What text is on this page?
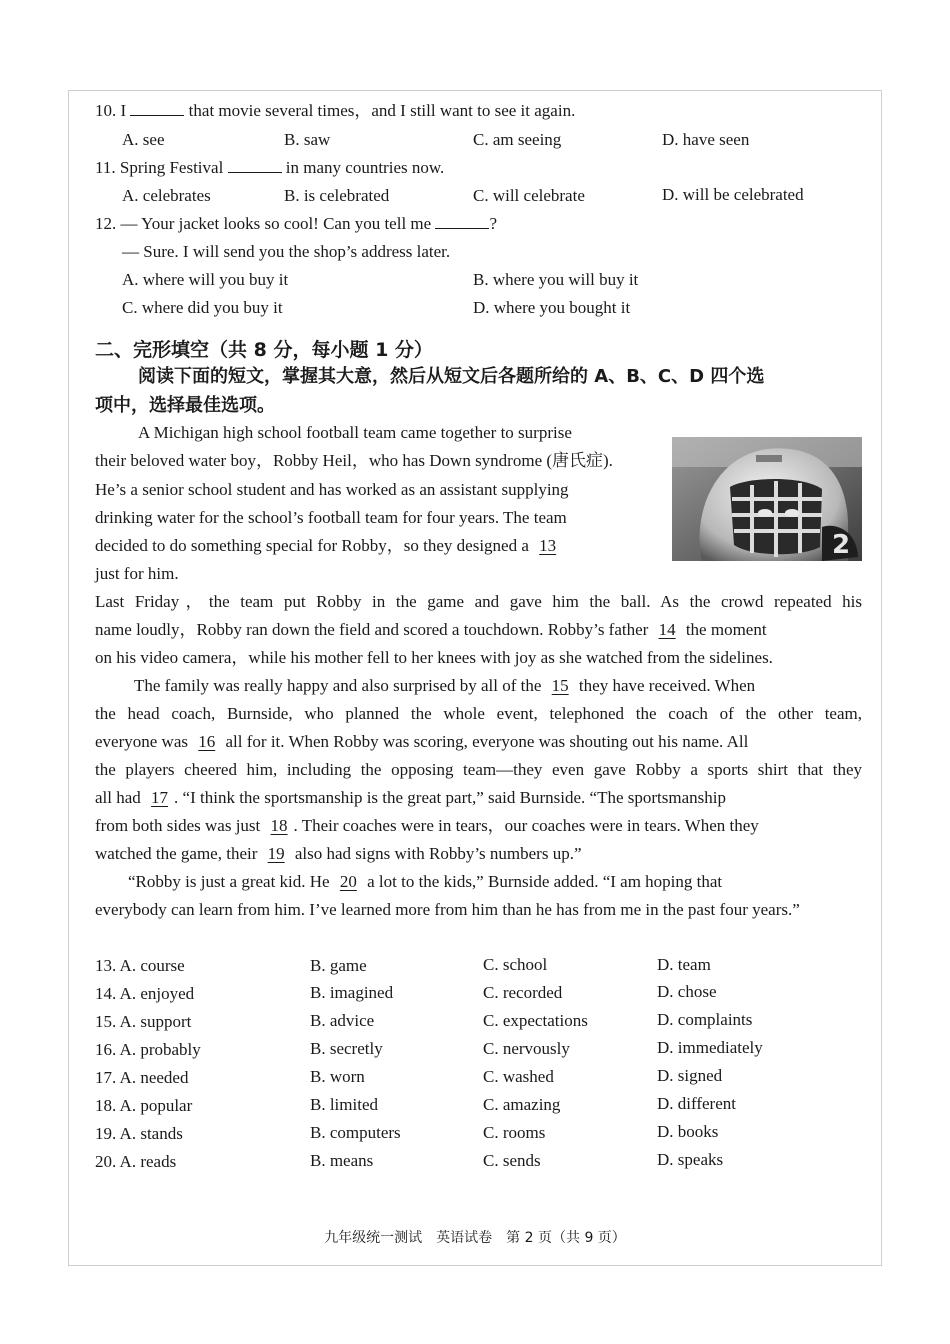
10. I	that movie several times，and I still want to see it again.
A. see	B. saw	C. am seeing	D. have seen
11. Spring Festival	in many countries now.
A. celebrates	B. is celebrated	C. will celebrate	D. will be celebrated
12. — Your jacket looks so cool! Can you tell me	?
— Sure. I will send you the shop’s address later.
A. where will you buy it	B. where you will buy it
C. where did you buy it	D. where you bought it
二、完形填空（共 8 分，每小题 1 分）
阅读下面的短文，掌握其大意，然后从短文后各题所给的 A、B、C、D 四个选
项中，选择最佳选项。
2
A Michigan high school football team came together to surprise
their beloved water boy，Robby Heil，who has Down syndrome (唐氏症).
He’s a senior school student and has worked as an assistant supplying
drinking water for the school’s football team for four years. The team
decided to do something special for Robby，so they designed a 13
just for him.
Last Friday，the team put Robby in the game and gave him the ball. As the crowd repeated his
name loudly，Robby ran down the field and scored a touchdown. Robby’s father 14 the moment
on his video camera，while his mother fell to her knees with joy as she watched from the sidelines.
The family was really happy and also surprised by all of the 15 they have received. When
the head coach, Burnside, who planned the whole event, telephoned the coach of the other team,
everyone was 16 all for it. When Robby was scoring, everyone was shouting out his name. All
the players cheered him, including the opposing team—they even gave Robby a sports shirt that they
all had 17 . “I think the sportsmanship is the great part,” said Burnside. “The sportsmanship
from both sides was just 18 . Their coaches were in tears，our coaches were in tears. When they
watched the game, their 19 also had signs with Robby’s numbers up.”
“Robby is just a great kid. He 20 a lot to the kids,” Burnside added. “I am hoping that
everybody can learn from him. I’ve learned more from him than he has from me in the past four years.”
13. A. course	B. game	C. school	D. team
14. A. enjoyed	B. imagined	C. recorded	D. chose
15. A. support	B. advice	C. expectations	D. complaints
16. A. probably	B. secretly	C. nervously	D. immediately
17. A. needed	B. worn	C. washed	D. signed
18. A. popular	B. limited	C. amazing	D. different
19. A. stands	B. computers	C. rooms	D. books
20. A. reads	B. means	C. sends	D. speaks
九年级统一测试　英语试卷　第 2 页（共 9 页）
